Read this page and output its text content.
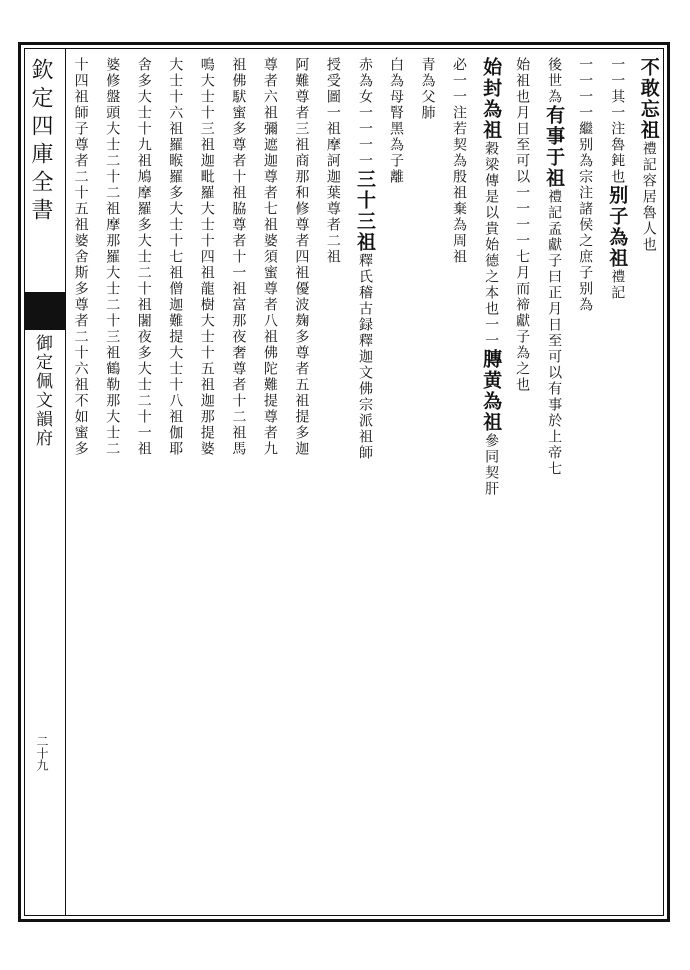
欽定四庫全書
御定佩文韻府
二十九
不敢忘祖禮記容居魯人也
一一其一注魯鈍也别子為祖禮記
一一一一繼别為宗注諸侯之庶子别為
後世為有事于祖禮記孟獻子曰正月日至可以有事於上帝七
始祖也月日至可以一一一一七月而禘獻子為之也
始封為祖穀梁傳是以貴始德之本也一一膞黄為祖參同契肝
必一一注若契為殷祖棄為周祖
青為父肺
白為母腎黑為子離
赤為女一一一一三十三祖釋氏稽古録釋迦文佛宗派祖師
授受圖一祖摩訶迦葉尊者二祖
阿難尊者三祖商那和修尊者四祖優波麹多尊者五祖提多迦
尊者六祖彌遮迦尊者七祖婆須蜜尊者八祖佛陀難提尊者九
祖佛䭾蜜多尊者十祖脇尊者十一祖富那夜奢尊者十二祖馬
鳴大士十三祖迦毗羅大士十四祖龍樹大士十五祖迦那提婆
大士十六祖羅睺羅多大士十七祖僧迦難提大士十八祖伽耶
舍多大士十九祖鳩摩羅多大士二十祖闍夜多大士二十一祖
婆修盤頭大士二十二祖摩那羅大士二十三祖鶴勒那大士二
十四祖師子尊者二十五祖婆舍斯多尊者二十六祖不如蜜多
